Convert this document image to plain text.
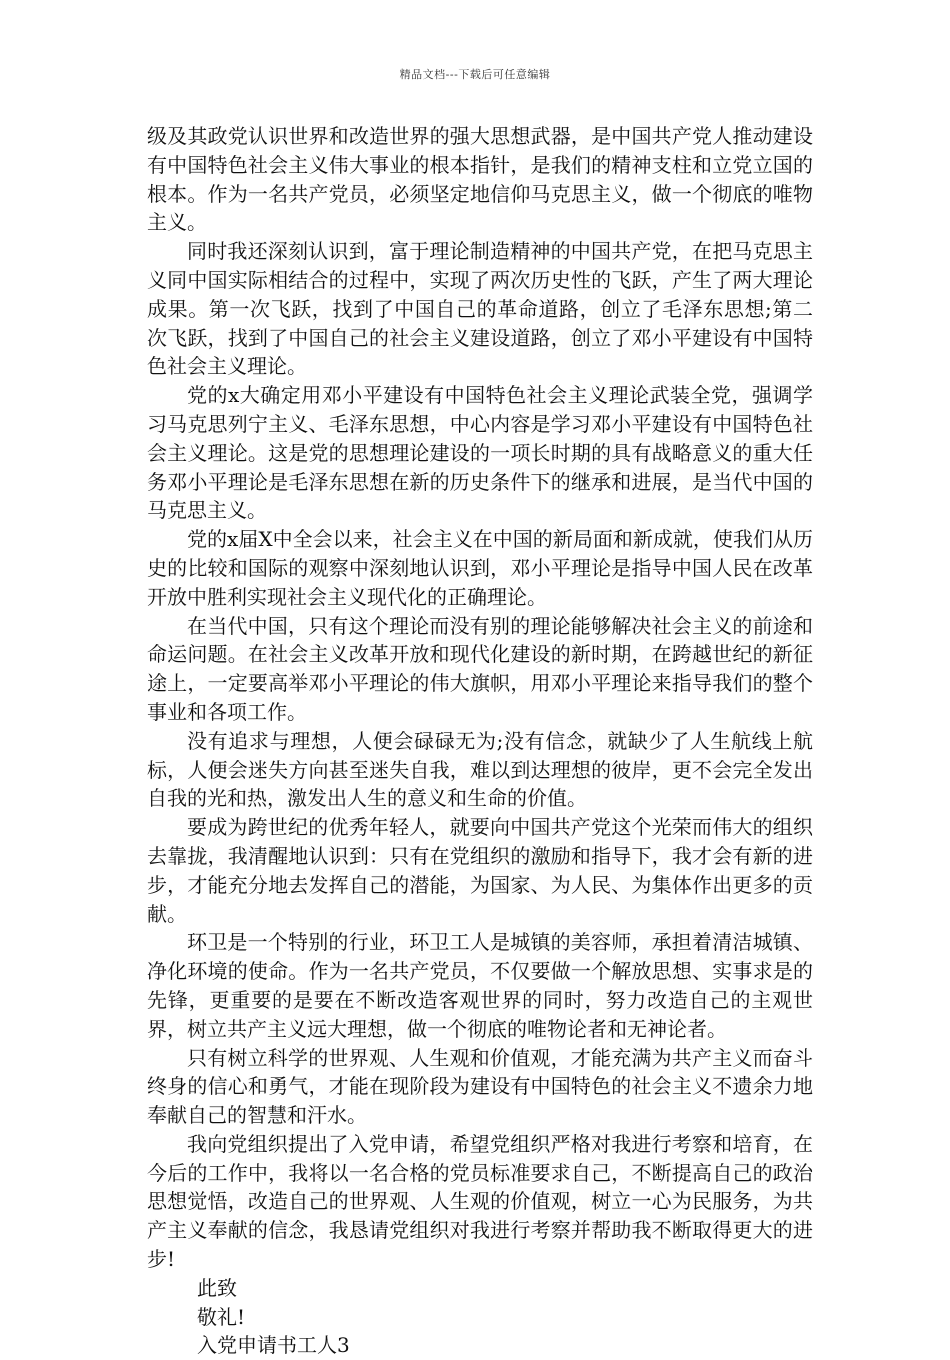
精品文档---下载后可任意编辑

级及其政党认识世界和改造世界的强大思想武器，是中国共产党人推动建设有中国特色社会主义伟大事业的根本指针，是我们的精神支柱和立党立国的根本。作为一名共产党员，必须坚定地信仰马克思主义，做一个彻底的唯物主义。

同时我还深刻认识到，富于理论制造精神的中国共产党，在把马克思主义同中国实际相结合的过程中，实现了两次历史性的飞跃，产生了两大理论成果。第一次飞跃，找到了中国自己的革命道路，创立了毛泽东思想;第二次飞跃，找到了中国自己的社会主义建设道路，创立了邓小平建设有中国特色社会主义理论。

党的x大确定用邓小平建设有中国特色社会主义理论武装全党，强调学习马克思列宁主义、毛泽东思想，中心内容是学习邓小平建设有中国特色社会主义理论。这是党的思想理论建设的一项长时期的具有战略意义的重大任务邓小平理论是毛泽东思想在新的历史条件下的继承和进展，是当代中国的马克思主义。

党的x届X中全会以来，社会主义在中国的新局面和新成就，使我们从历史的比较和国际的观察中深刻地认识到，邓小平理论是指导中国人民在改革开放中胜利实现社会主义现代化的正确理论。

在当代中国，只有这个理论而没有别的理论能够解决社会主义的前途和命运问题。在社会主义改革开放和现代化建设的新时期，在跨越世纪的新征途上，一定要高举邓小平理论的伟大旗帜，用邓小平理论来指导我们的整个事业和各项工作。

没有追求与理想，人便会碌碌无为;没有信念，就缺少了人生航线上航标，人便会迷失方向甚至迷失自我，难以到达理想的彼岸，更不会完全发出自我的光和热，激发出人生的意义和生命的价值。

要成为跨世纪的优秀年轻人，就要向中国共产党这个光荣而伟大的组织去靠拢，我清醒地认识到：只有在党组织的激励和指导下，我才会有新的进步，才能充分地去发挥自己的潜能，为国家、为人民、为集体作出更多的贡献。

环卫是一个特别的行业，环卫工人是城镇的美容师，承担着清洁城镇、净化环境的使命。作为一名共产党员，不仅要做一个解放思想、实事求是的先锋，更重要的是要在不断改造客观世界的同时，努力改造自己的主观世界，树立共产主义远大理想，做一个彻底的唯物论者和无神论者。

只有树立科学的世界观、人生观和价值观，才能充满为共产主义而奋斗终身的信心和勇气，才能在现阶段为建设有中国特色的社会主义不遗余力地奉献自己的智慧和汗水。

我向党组织提出了入党申请，希望党组织严格对我进行考察和培育，在今后的工作中，我将以一名合格的党员标准要求自己，不断提高自己的政治思想觉悟，改造自己的世界观、人生观的价值观，树立一心为民服务，为共产主义奉献的信念，我恳请党组织对我进行考察并帮助我不断取得更大的进步!

此致

敬礼!

入党申请书工人3
